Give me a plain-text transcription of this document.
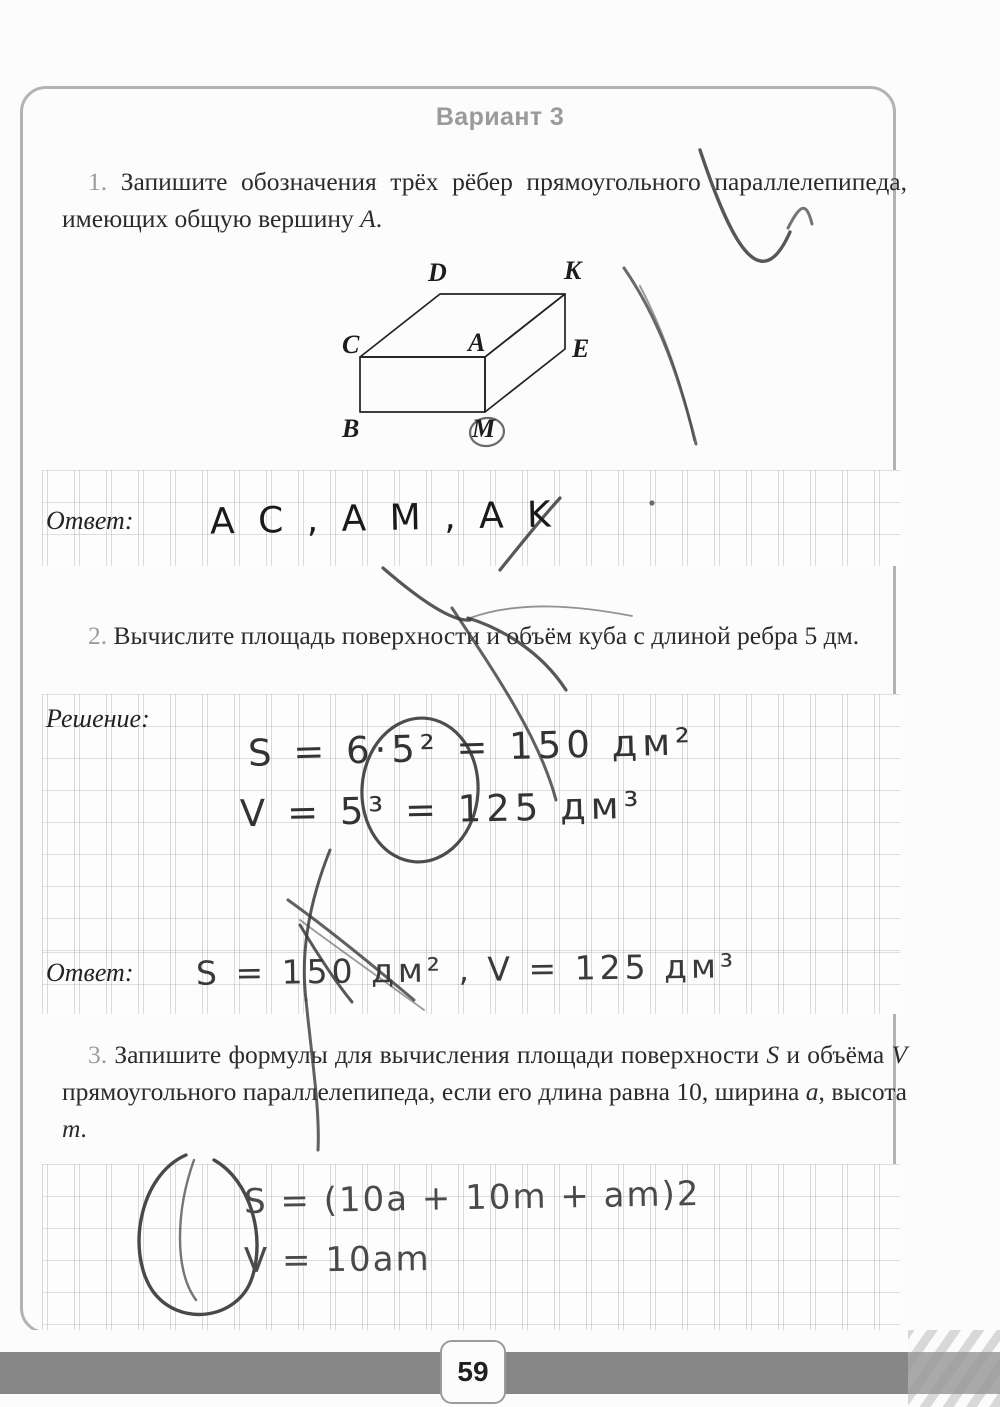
Вариант 3
1. Запишите обозначения трёх рёбер прямоугольного параллелепипеда, имеющих общую вершину A.
D	K
C	A	E
B	M
Ответ:
2. Вычислите площадь поверхности и объём куба с длиной ребра 5 дм.
Решение:
Ответ:
3. Запишите формулы для вычисления площади поверхности S и объёма V прямоугольного параллелепипеда, если его длина равна 10, ширина a, высота m.
A C , A M , A K
S = 6·5² = 150 дм²
V = 5³ = 125 дм³
S = 150 дм² , V = 125 дм³
S = (10a + 10m + am)2
V = 10am
59
